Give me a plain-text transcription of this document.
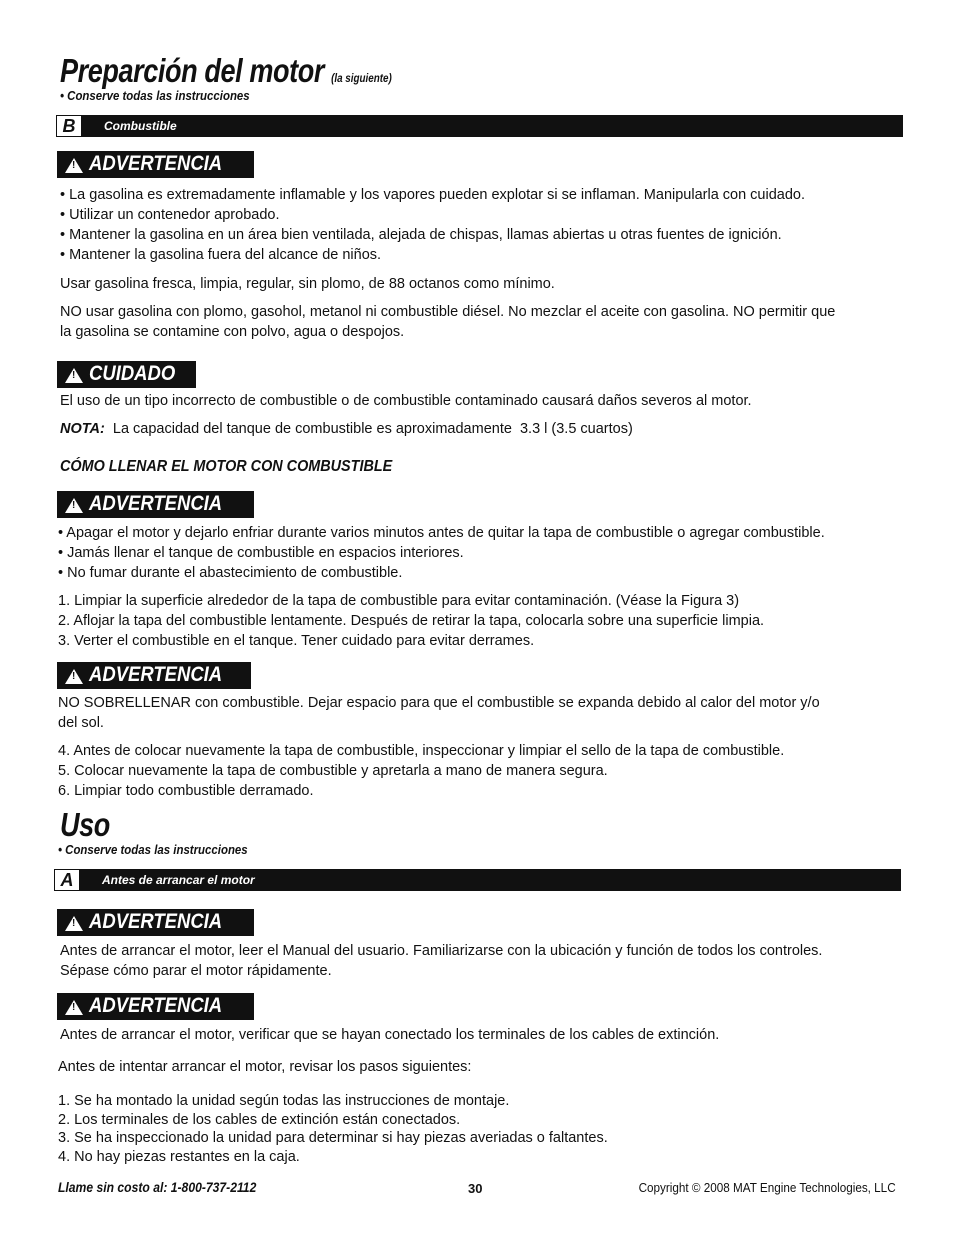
Preparción del motor (la siguiente)
• Conserve todas las instrucciones
B	Combustible
!
ADVERTENCIA
• La gasolina es extremadamente inflamable y los vapores pueden explotar si se inflaman. Manipularla con cuidado.
• Utilizar un contenedor aprobado.
• Mantener la gasolina en un área bien ventilada, alejada de chispas, llamas abiertas u otras fuentes de ignición.
• Mantener la gasolina fuera del alcance de niños.
Usar gasolina fresca, limpia, regular, sin plomo, de 88 octanos como mínimo.
NO usar gasolina con plomo, gasohol, metanol ni combustible diésel. No mezclar el aceite con gasolina. NO permitir que
la gasolina se contamine con polvo, agua o despojos.
!
CUIDADO
El uso de un tipo incorrecto de combustible o de combustible contaminado causará daños severos al motor.
NOTA:  La capacidad del tanque de combustible es aproximadamente  3.3 l (3.5 cuartos)
CÓMO LLENAR EL MOTOR CON COMBUSTIBLE
!
ADVERTENCIA
• Apagar el motor y dejarlo enfriar durante varios minutos antes de quitar la tapa de combustible o agregar combustible.
• Jamás llenar el tanque de combustible en espacios interiores.
• No fumar durante el abastecimiento de combustible.
1. Limpiar la superficie alrededor de la tapa de combustible para evitar contaminación. (Véase la Figura 3)
2. Aflojar la tapa del combustible lentamente. Después de retirar la tapa, colocarla sobre una superficie limpia.
3. Verter el combustible en el tanque. Tener cuidado para evitar derrames.
!
ADVERTENCIA
NO SOBRELLENAR con combustible. Dejar espacio para que el combustible se expanda debido al calor del motor y/o
del sol.
4. Antes de colocar nuevamente la tapa de combustible, inspeccionar y limpiar el sello de la tapa de combustible.
5. Colocar nuevamente la tapa de combustible y apretarla a mano de manera segura.
6. Limpiar todo combustible derramado.
Uso
• Conserve todas las instrucciones
A	Antes de arrancar el motor
!
ADVERTENCIA
Antes de arrancar el motor, leer el Manual del usuario. Familiarizarse con la ubicación y función de todos los controles.
Sépase cómo parar el motor rápidamente.
!
ADVERTENCIA
Antes de arrancar el motor, verificar que se hayan conectado los terminales de los cables de extinción.
Antes de intentar arrancar el motor, revisar los pasos siguientes:
1. Se ha montado la unidad según todas las instrucciones de montaje.
2. Los terminales de los cables de extinción están conectados.
3. Se ha inspeccionado la unidad para determinar si hay piezas averiadas o faltantes.
4. No hay piezas restantes en la caja.
Llame sin costo al: 1-800-737-2112	30	Copyright © 2008 MAT Engine Technologies, LLC
